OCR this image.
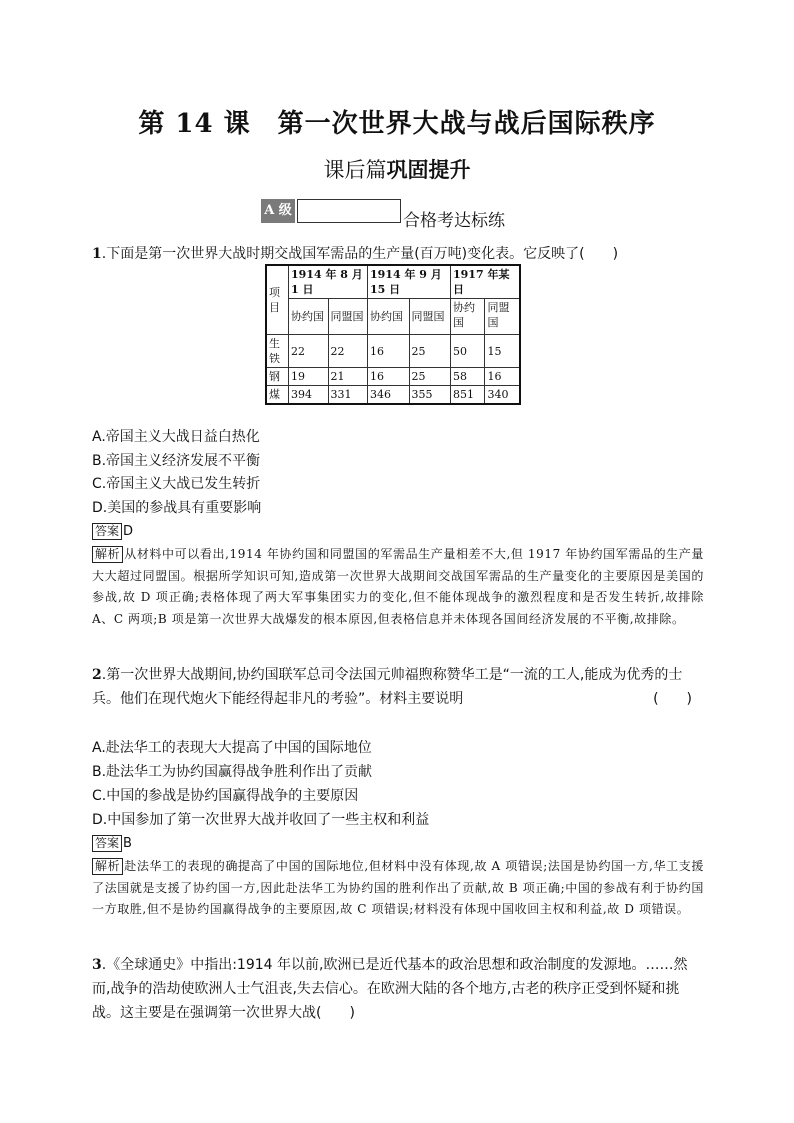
第 14 课　第一次世界大战与战后国际秩序
课后篇巩固提升
A 级
合格考达标练
1.下面是第一次世界大战时期交战国军需品的生产量(百万吨)变化表。它反映了(　　)
项目	1914 年 8 月 1 日		1914 年 9 月 15 日		1917 年某日	
	协约国	同盟国	协约国	同盟国	协约国	同盟国
生铁	22	22	16	25	50	15
钢	19	21	16	25	58	16
煤	394	331	346	355	851	340
A.帝国主义大战日益白热化
B.帝国主义经济发展不平衡
C.帝国主义大战已发生转折
D.美国的参战具有重要影响
答案 D
解析 从材料中可以看出,1914 年协约国和同盟国的军需品生产量相差不大,但 1917 年协约国军需品的生产量大大超过同盟国。根据所学知识可知,造成第一次世界大战期间交战国军需品的生产量变化的主要原因是美国的参战,故 D 项正确;表格体现了两大军事集团实力的变化,但不能体现战争的激烈程度和是否发生转折,故排除 A、C 两项;B 项是第一次世界大战爆发的根本原因,但表格信息并未体现各国间经济发展的不平衡,故排除。
2.第一次世界大战期间,协约国联军总司令法国元帅福煦称赞华工是“一流的工人,能成为优秀的士兵。他们在现代炮火下能经得起非凡的考验”。材料主要说明	(　　)
A.赴法华工的表现大大提高了中国的国际地位
B.赴法华工为协约国赢得战争胜利作出了贡献
C.中国的参战是协约国赢得战争的主要原因
D.中国参加了第一次世界大战并收回了一些主权和利益
答案 B
解析 赴法华工的表现的确提高了中国的国际地位,但材料中没有体现,故 A 项错误;法国是协约国一方,华工支援了法国就是支援了协约国一方,因此赴法华工为协约国的胜利作出了贡献,故 B 项正确;中国的参战有利于协约国一方取胜,但不是协约国赢得战争的主要原因,故 C 项错误;材料没有体现中国收回主权和利益,故 D 项错误。
3.《全球通史》中指出:1914 年以前,欧洲已是近代基本的政治思想和政治制度的发源地。……然而,战争的浩劫使欧洲人士气沮丧,失去信心。在欧洲大陆的各个地方,古老的秩序正受到怀疑和挑战。这主要是在强调第一次世界大战(　　)
